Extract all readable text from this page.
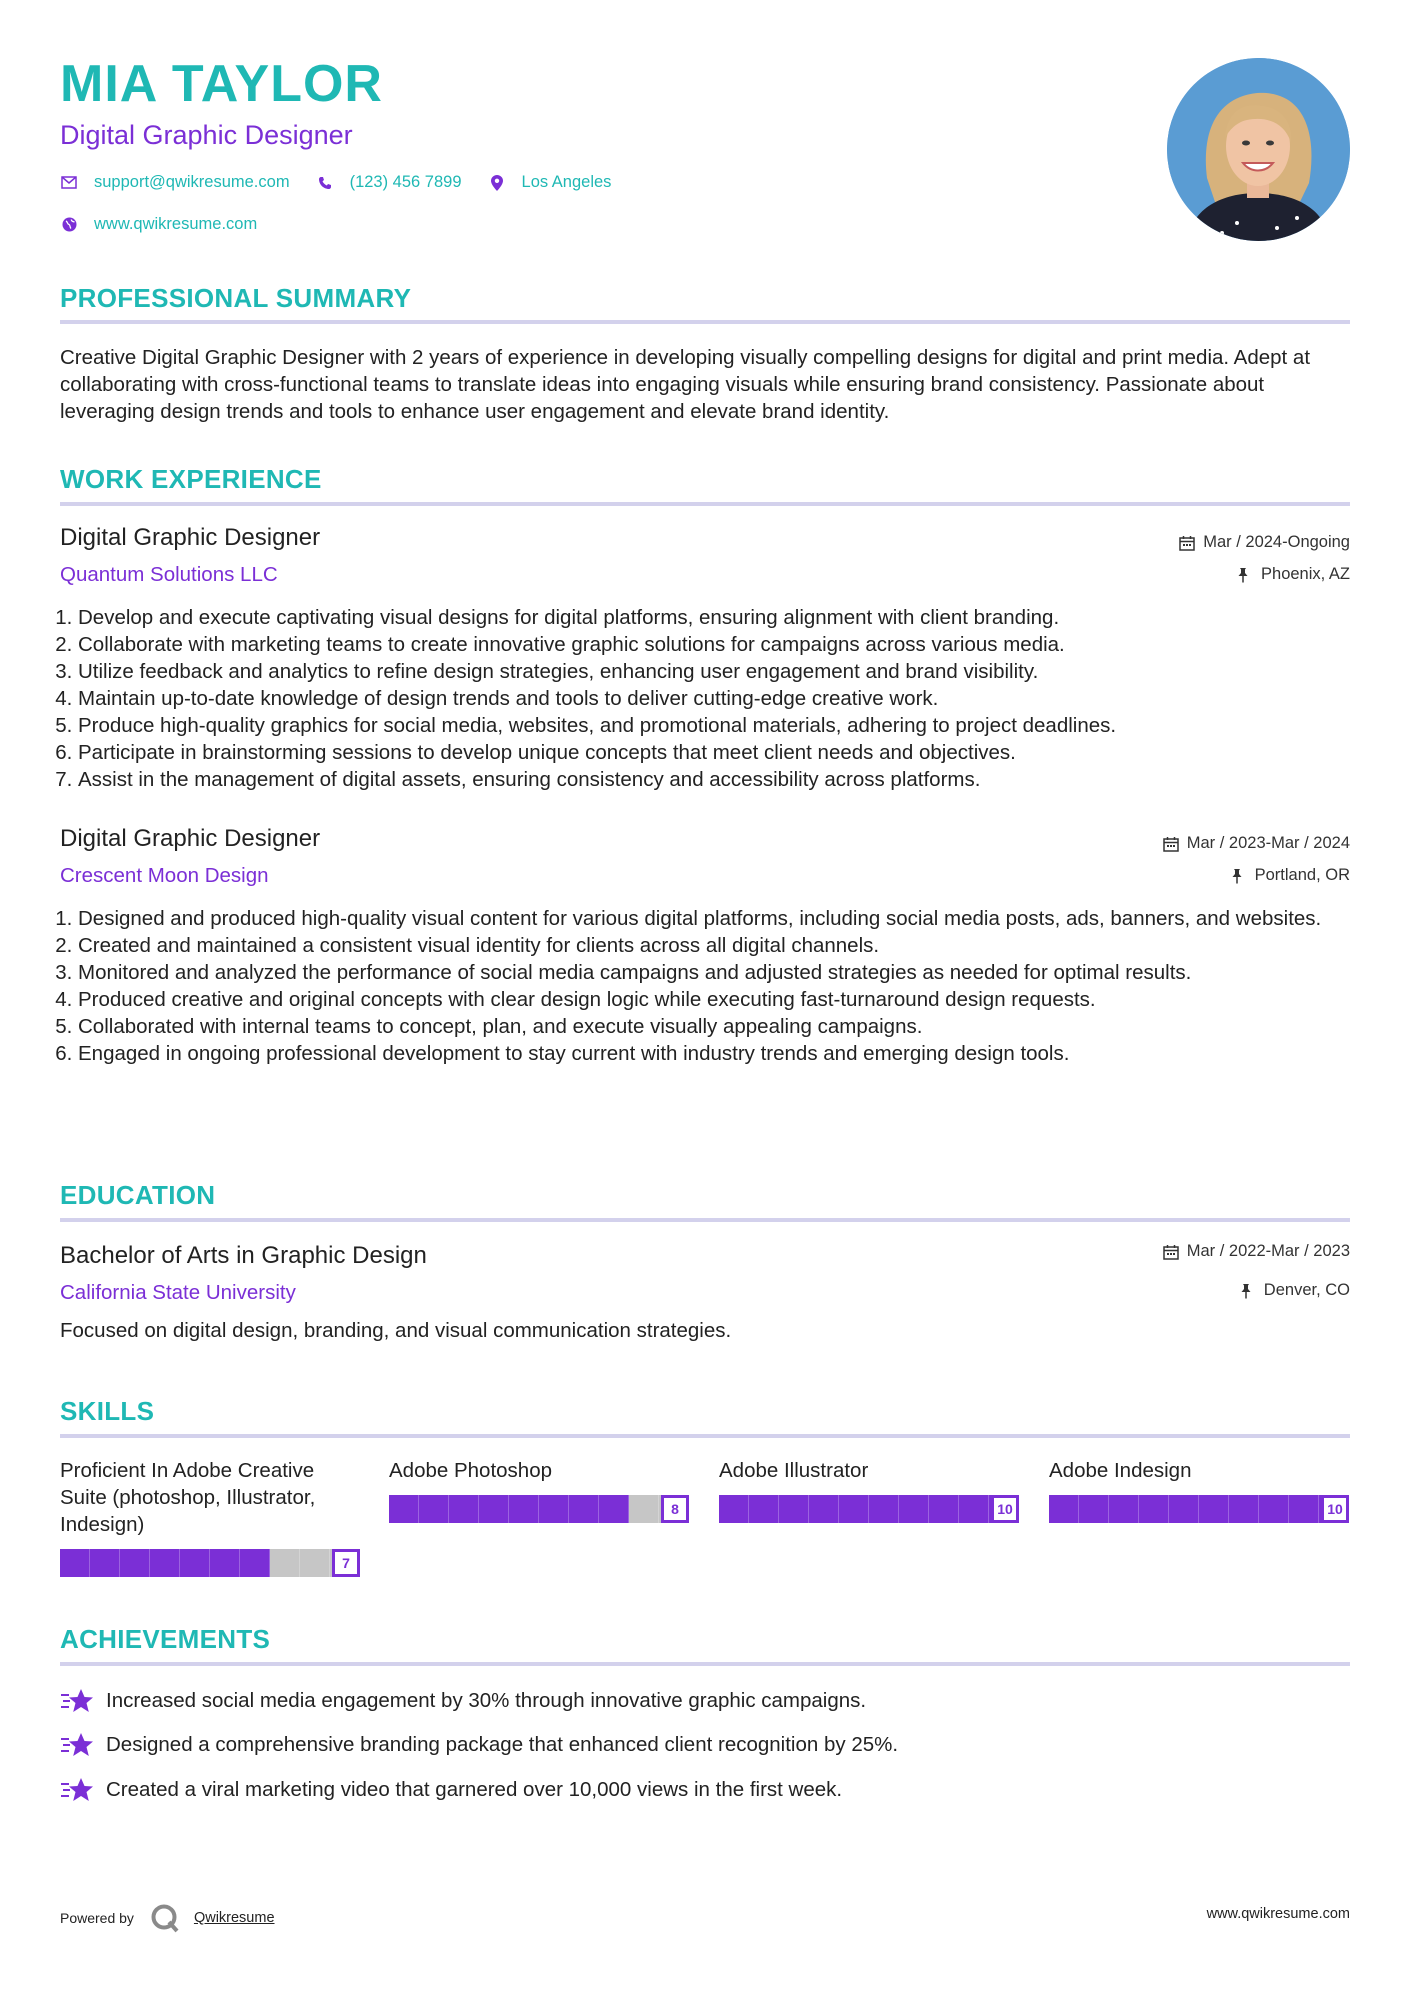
MIA TAYLOR
Digital Graphic Designer
support@qwikresume.com	(123) 456 7899	Los Angeles
www.qwikresume.com
PROFESSIONAL SUMMARY

Creative Digital Graphic Designer with 2 years of experience in developing visually compelling designs for digital and print media. Adept at collaborating with cross-functional teams to translate ideas into engaging visuals while ensuring brand consistency. Passionate about leveraging design trends and tools to enhance user engagement and elevate brand identity.

WORK EXPERIENCE
Digital Graphic Designer
Quantum Solutions LLC
Mar / 2024-Ongoing
Phoenix, AZ
1. Develop and execute captivating visual designs for digital platforms, ensuring alignment with client branding.
2. Collaborate with marketing teams to create innovative graphic solutions for campaigns across various media.
3. Utilize feedback and analytics to refine design strategies, enhancing user engagement and brand visibility.
4. Maintain up-to-date knowledge of design trends and tools to deliver cutting-edge creative work.
5. Produce high-quality graphics for social media, websites, and promotional materials, adhering to project deadlines.
6. Participate in brainstorming sessions to develop unique concepts that meet client needs and objectives.
7. Assist in the management of digital assets, ensuring consistency and accessibility across platforms.
Digital Graphic Designer
Crescent Moon Design
Mar / 2023-Mar / 2024
Portland, OR
1. Designed and produced high-quality visual content for various digital platforms, including social media posts, ads, banners, and websites.
2. Created and maintained a consistent visual identity for clients across all digital channels.
3. Monitored and analyzed the performance of social media campaigns and adjusted strategies as needed for optimal results.
4. Produced creative and original concepts with clear design logic while executing fast-turnaround design requests.
5. Collaborated with internal teams to concept, plan, and execute visually appealing campaigns.
6. Engaged in ongoing professional development to stay current with industry trends and emerging design tools.
EDUCATION
Bachelor of Arts in Graphic Design
California State University
Mar / 2022-Mar / 2023
Denver, CO

Focused on digital design, branding, and visual communication strategies.

SKILLS
Proficient In Adobe Creative Suite (photoshop, Illustrator, Indesign)
7
Adobe Photoshop
8
Adobe Illustrator
10
Adobe Indesign
10
ACHIEVEMENTS
Increased social media engagement by 30% through innovative graphic campaigns.
Designed a comprehensive branding package that enhanced client recognition by 25%.
Created a viral marketing video that garnered over 10,000 views in the first week.
Powered by	Qwikresume	www.qwikresume.com
